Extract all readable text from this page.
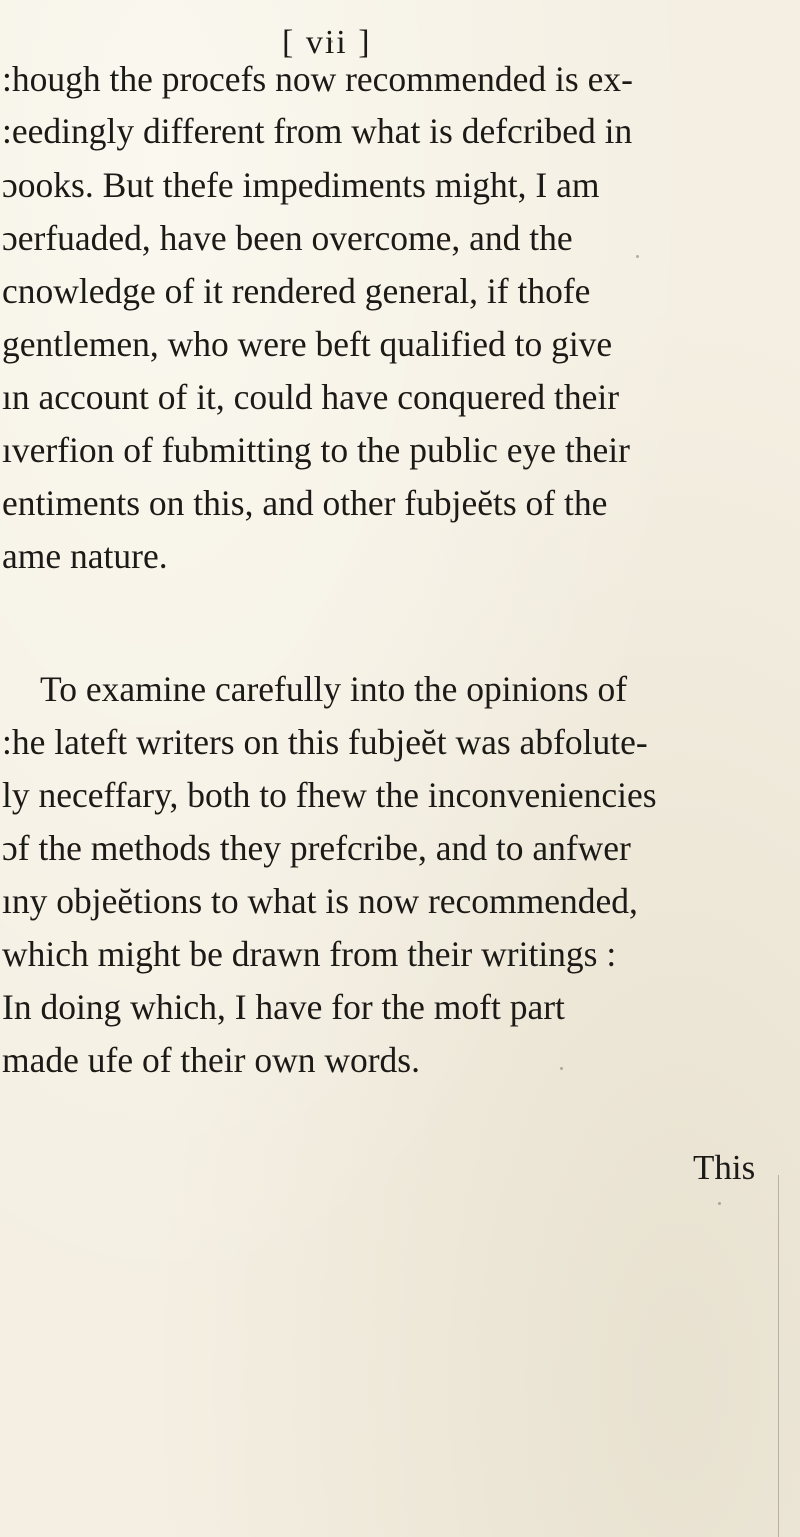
[ vii ]
:hough the procefs now recommended is ex-
:eedingly different from what is defcribed in
ɔooks. But thefe impediments might, I am
ɔerfuaded, have been overcome, and the
cnowledge of it rendered general, if thofe
gentlemen, who were beft qualified to give
ın account of it, could have conquered their
ıverfion of fubmitting to the public eye their
entiments on this, and other fubjeĕts of the
ame nature.
To examine carefully into the opinions of
:he lateft writers on this fubjeĕt was abfolute-
ly neceffary, both to fhew the inconveniencies
ɔf the methods they prefcribe, and to anfwer
ıny objeĕtions to what is now recommended,
which might be drawn from their writings :
In doing which, I have for the moft part
made ufe of their own words.
This
